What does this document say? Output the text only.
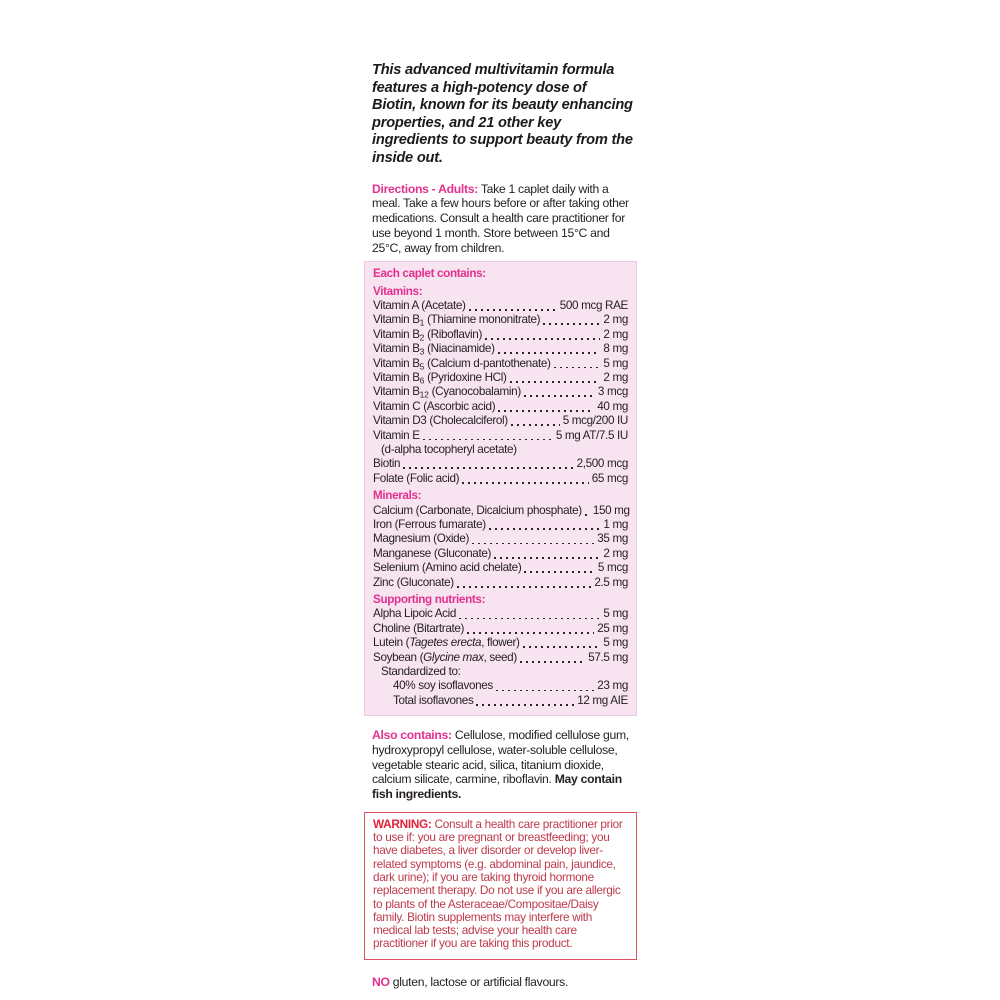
This advanced multivitamin formula features a high-potency dose of Biotin, known for its beauty enhancing properties, and 21 other key ingredients to support beauty from the inside out.

Directions - Adults: Take 1 caplet daily with a meal. Take a few hours before or after taking other medications. Consult a health care practitioner for use beyond 1 month. Store between 15°C and 25°C, away from children.

Each caplet contains:
Vitamins:
Vitamin A (Acetate)	500 mcg RAE
Vitamin $B_1$ (Thiamine mononitrate)	2 mg
Vitamin $B_2$ (Riboflavin)	2 mg
Vitamin $B_3$ (Niacinamide)	8 mg
Vitamin $B_5$ (Calcium d-pantothenate)	5 mg
Vitamin $B_6$ (Pyridoxine HCl)	2 mg
Vitamin $B_{12}$ (Cyanocobalamin)	3 mcg
Vitamin C (Ascorbic acid)	40 mg
Vitamin D3 (Cholecalciferol)	5 mcg/200 IU
Vitamin E	5 mg AT/7.5 IU
(d-alpha tocopheryl acetate)
Biotin	2,500 mcg
Folate (Folic acid)	65 mcg
Minerals:
Calcium (Carbonate, Dicalcium phosphate) 150 mg
Iron (Ferrous fumarate)	1 mg
Magnesium (Oxide)	35 mg
Manganese (Gluconate)	2 mg
Selenium (Amino acid chelate)	5 mcg
Zinc (Gluconate)	2.5 mg
Supporting nutrients:
Alpha Lipoic Acid	5 mg
Choline (Bitartrate)	25 mg
Lutein (Tagetes erecta, flower)	5 mg
Soybean (Glycine max, seed)	57.5 mg
Standardized to:
40% soy isoflavones	23 mg
Total isoflavones	12 mg AIE

Also contains: Cellulose, modified cellulose gum, hydroxypropyl cellulose, water-soluble cellulose, vegetable stearic acid, silica, titanium dioxide, calcium silicate, carmine, riboflavin. May contain fish ingredients.

WARNING: Consult a health care practitioner prior to use if: you are pregnant or breastfeeding; you have diabetes, a liver disorder or develop liver-related symptoms (e.g. abdominal pain, jaundice, dark urine); if you are taking thyroid hormone replacement therapy. Do not use if you are allergic to plants of the Asteraceae/Compositae/Daisy family. Biotin supplements may interfere with medical lab tests; advise your health care practitioner if you are taking this product.

NO gluten, lactose or artificial flavours.
